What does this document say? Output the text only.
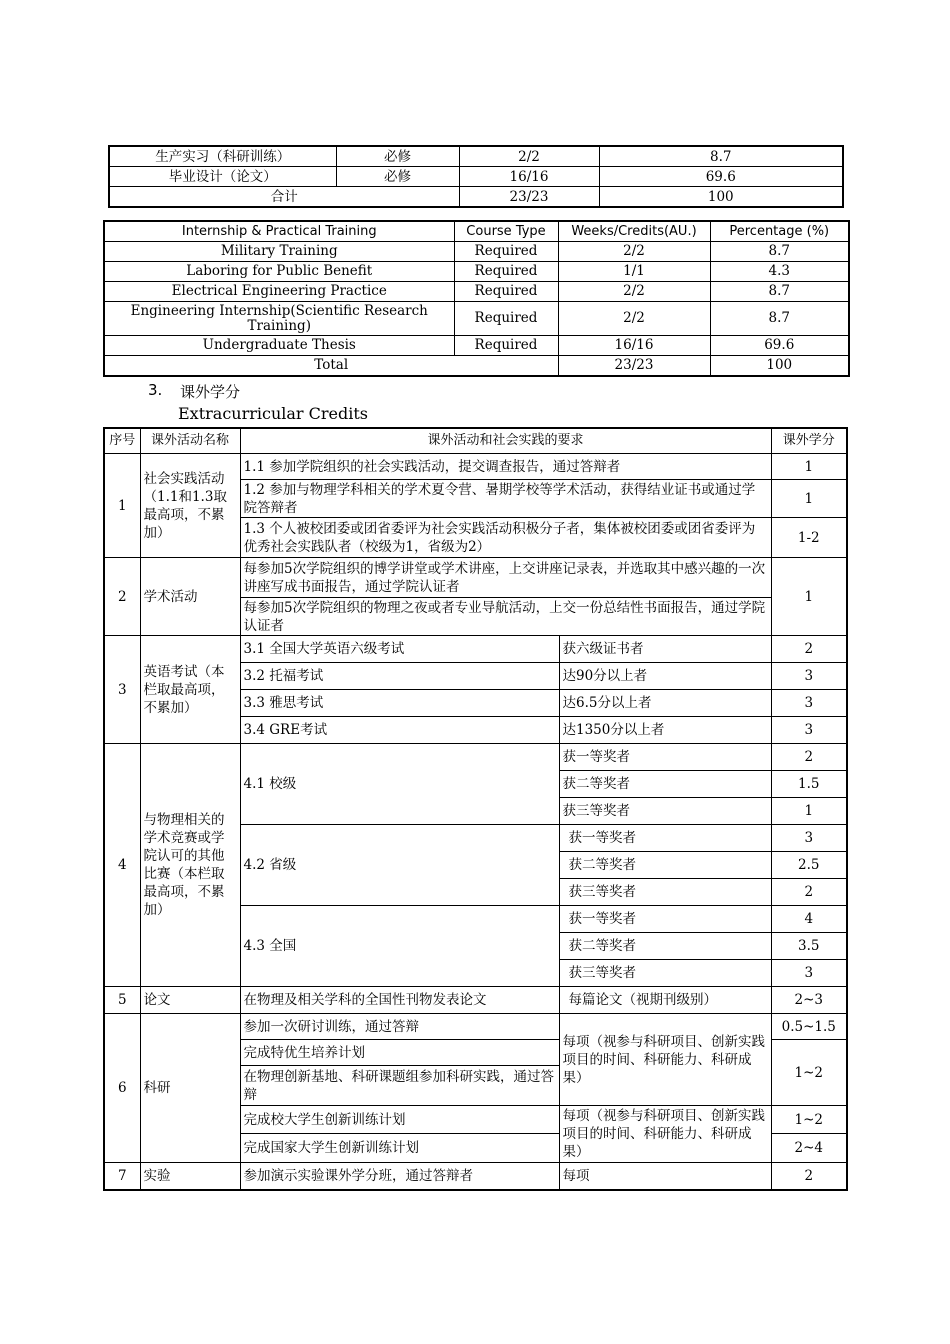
生产实习（科研训练）	必修	2/2	8.7
毕业设计（论文）	必修	16/16	69.6
合计		23/23	100
Internship & Practical Training	Course Type	Weeks/Credits(AU.)	Percentage (%)
Military Training	Required	2/2	8.7
Laboring for Public Benefit	Required	1/1	4.3
Electrical Engineering Practice	Required	2/2	8.7
Engineering Internship(Scientific Research Training)	Required	2/2	8.7
Undergraduate Thesis	Required	16/16	69.6
Total		23/23	100
3. 课外学分
Extracurricular Credits
序号	课外活动名称	课外活动和社会实践的要求		课外学分
1	社会实践活动（1.1和1.3取最高项，不累加）	1.1 参加学院组织的社会实践活动，提交调查报告，通过答辩者		1
		1.2 参加与物理学科相关的学术夏令营、暑期学校等学术活动，获得结业证书或通过学院答辩者		1
		1.3 个人被校团委或团省委评为社会实践活动积极分子者，集体被校团委或团省委评为优秀社会实践队者（校级为1，省级为2）		1-2
2	学术活动	每参加5次学院组织的博学讲堂或学术讲座，上交讲座记录表，并选取其中感兴趣的一次讲座写成书面报告，通过学院认证者		1
		每参加5次学院组织的物理之夜或者专业导航活动，上交一份总结性书面报告，通过学院认证者		
3	英语考试（本栏取最高项，不累加）	3.1 全国大学英语六级考试	获六级证书者	2
		3.2 托福考试	达90分以上者	3
		3.3 雅思考试	达6.5分以上者	3
		3.4 GRE考试	达1350分以上者	3
4	与物理相关的学术竞赛或学院认可的其他比赛（本栏取最高项，不累加）	4.1 校级	获一等奖者	2
			获二等奖者	1.5
			获三等奖者	1
		4.2 省级	获一等奖者	3
			获二等奖者	2.5
			获三等奖者	2
		4.3 全国	获一等奖者	4
			获二等奖者	3.5
			获三等奖者	3
5	论文	在物理及相关学科的全国性刊物发表论文	每篇论文（视期刊级别）	2~3
6	科研	参加一次研讨训练，通过答辩	每项（视参与科研项目、创新实践项目的时间、科研能力、科研成果）	0.5~1.5
		完成特优生培养计划		1~2
		在物理创新基地、科研课题组参加科研实践，通过答辩		
		完成校大学生创新训练计划	每项（视参与科研项目、创新实践项目的时间、科研能力、科研成果）	1~2
		完成国家大学生创新训练计划		2~4
7	实验	参加演示实验课外学分班，通过答辩者	每项	2
